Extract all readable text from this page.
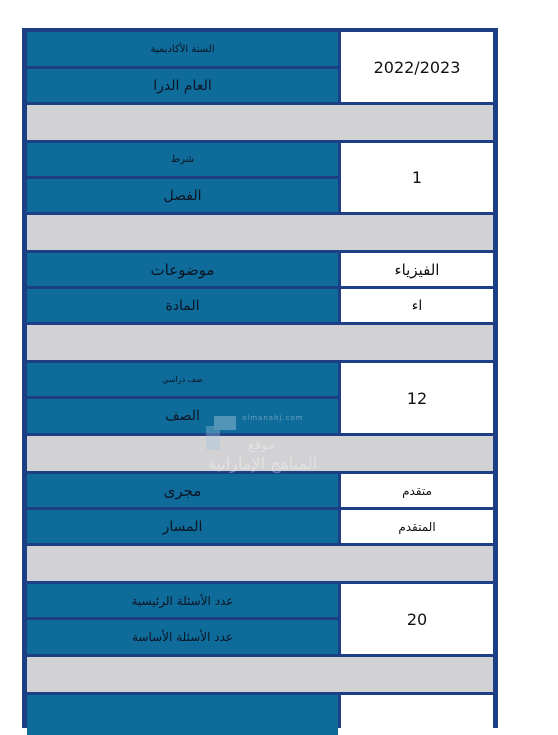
السنة الأكاديمية
العام الدرا
2022/2023
شرط
الفصل
1
موضوعات
المادة
الفيزياء
اء
صف دراسي
الصف
12
مجرى
المسار
متقدم
المتقدم
عدد الأسئلة الرئيسية
عدد الأسئلة الأساسة
20
almanahj.com
موقع
المناهج الإماراتية
